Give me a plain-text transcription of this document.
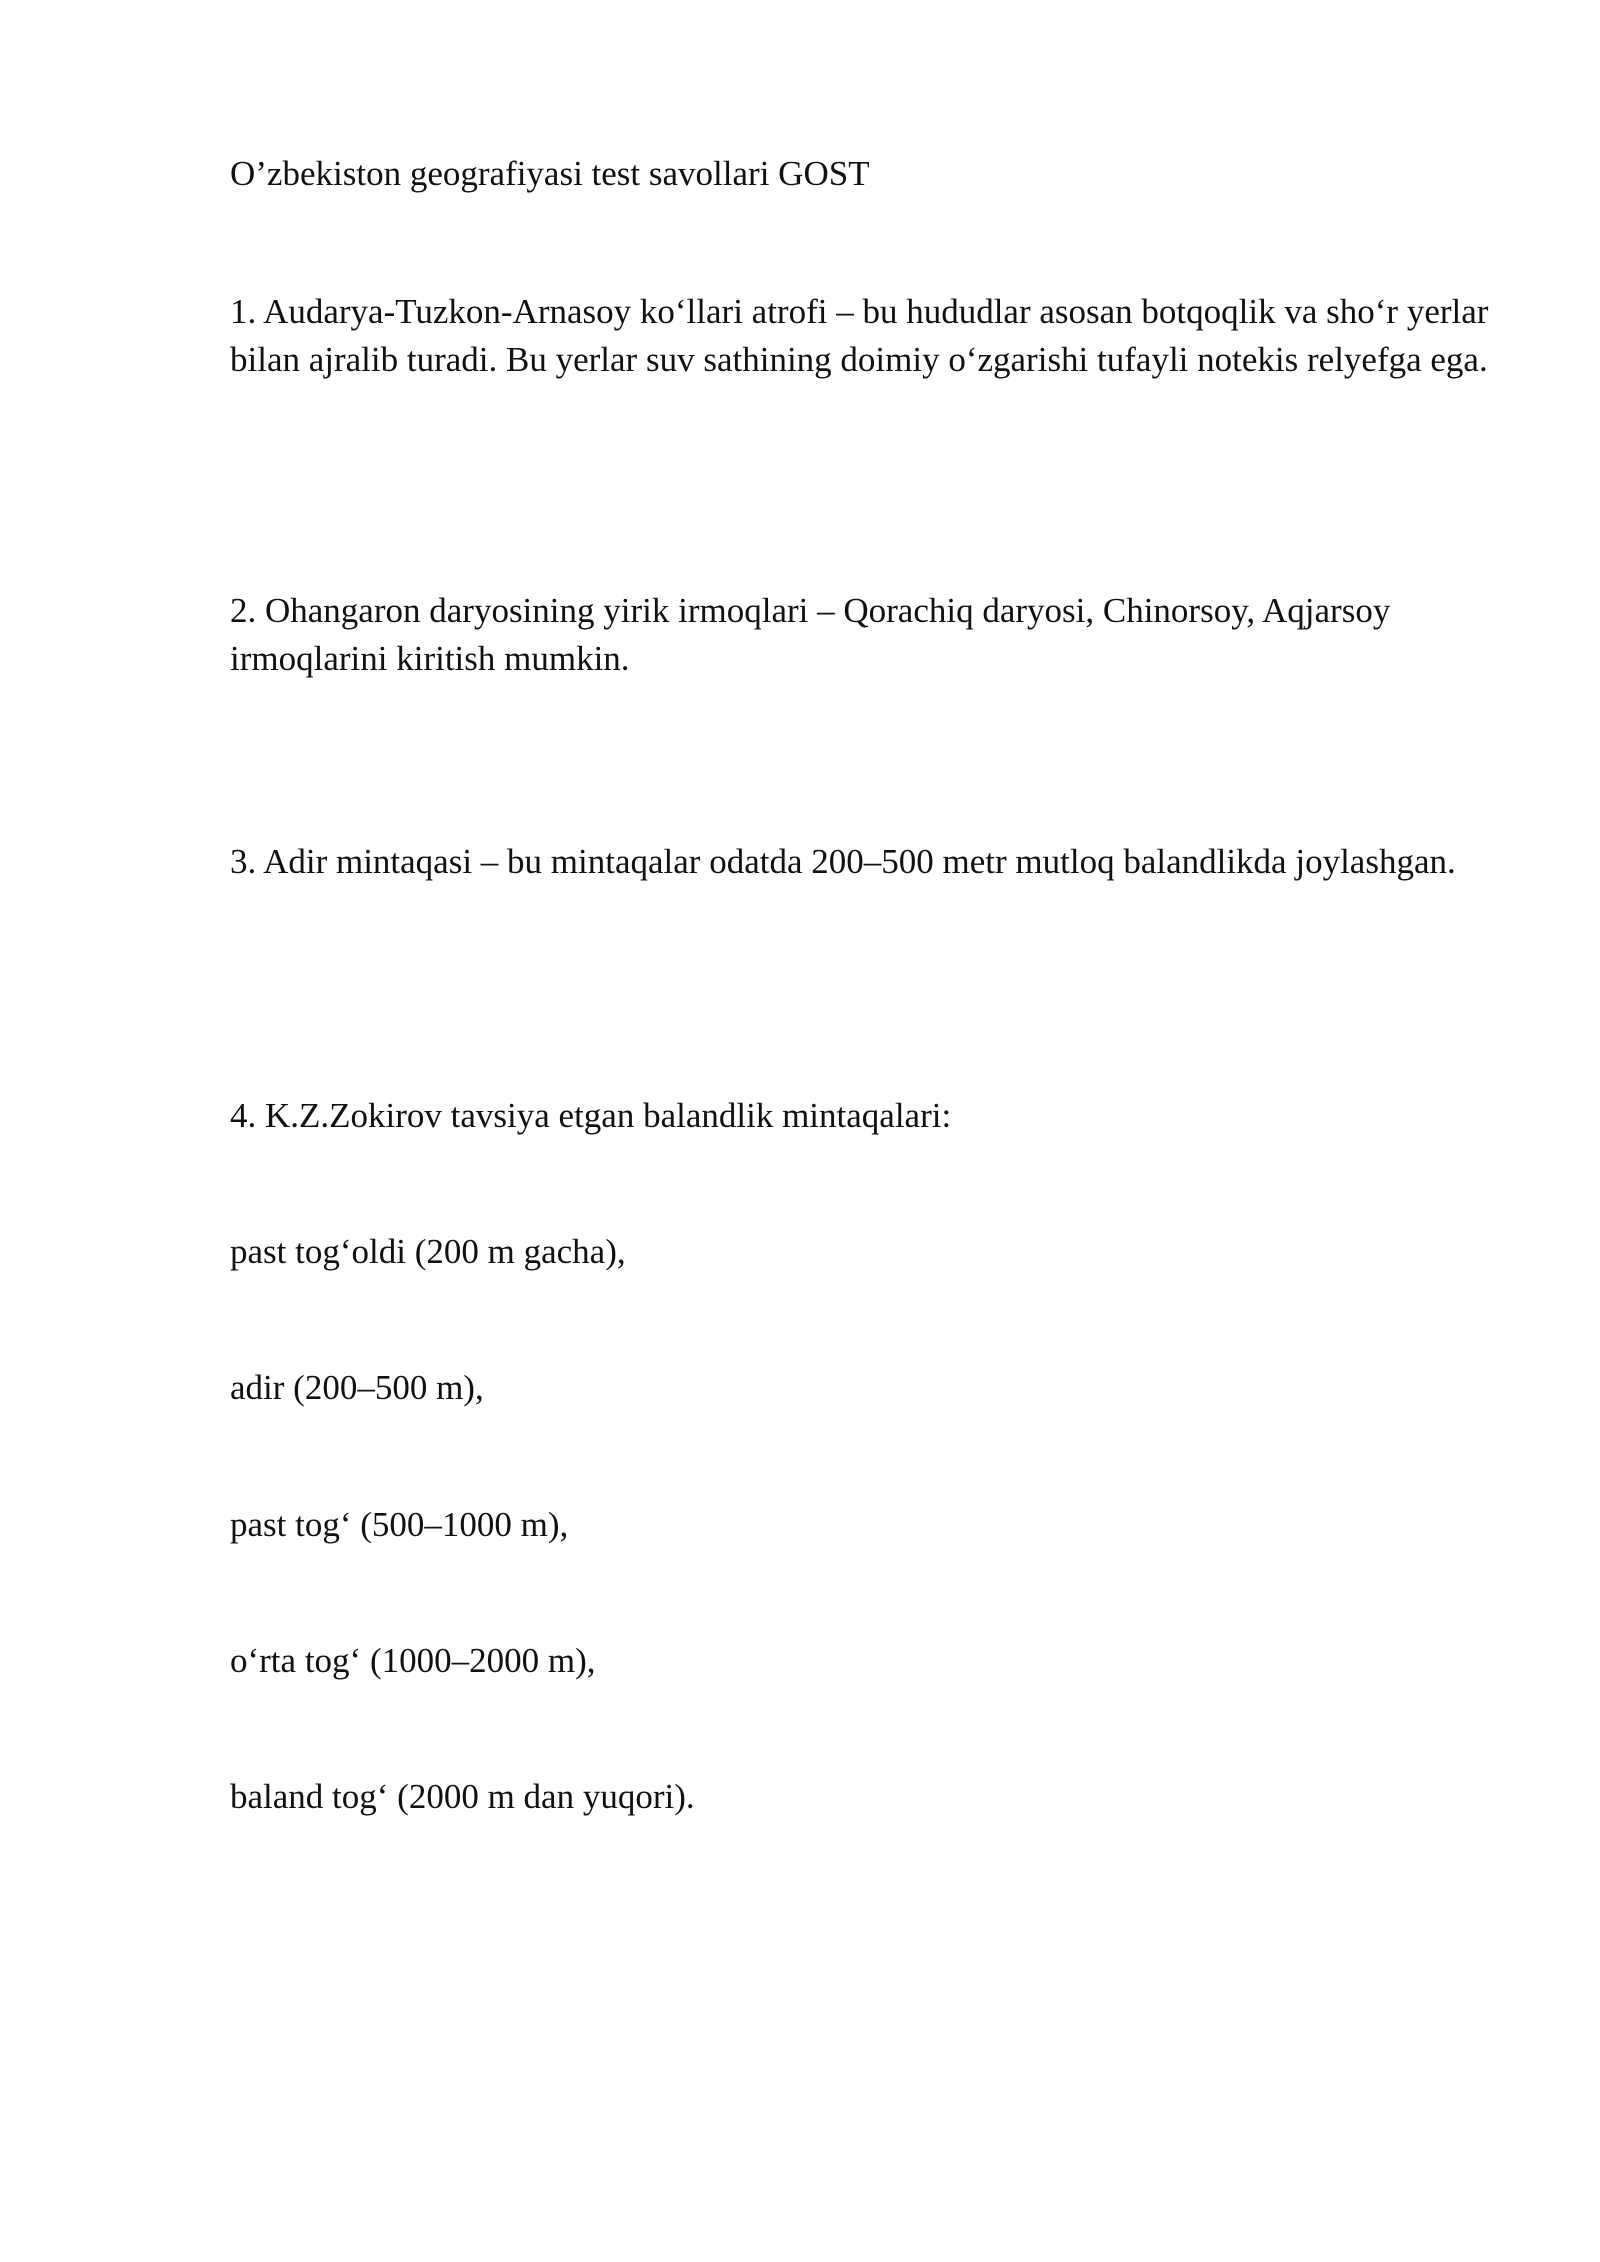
O’zbekiston geografiyasi test savollari GOST

1. Audarya-Tuzkon-Arnasoy ko‘llari atrofi – bu hududlar asosan botqoqlik va sho‘r yerlar bilan ajralib turadi. Bu yerlar suv sathining doimiy o‘zgarishi tufayli notekis relyefga ega.

2. Ohangaron daryosining yirik irmoqlari – Qorachiq daryosi, Chinorsoy, Aqjarsoy irmoqlarini kiritish mumkin.

3. Adir mintaqasi – bu mintaqalar odatda 200–500 metr mutloq balandlikda joylashgan.

4. K.Z.Zokirov tavsiya etgan balandlik mintaqalari:

past tog‘oldi (200 m gacha),

adir (200–500 m),

past tog‘ (500–1000 m),

o‘rta tog‘ (1000–2000 m),

baland tog‘ (2000 m dan yuqori).
